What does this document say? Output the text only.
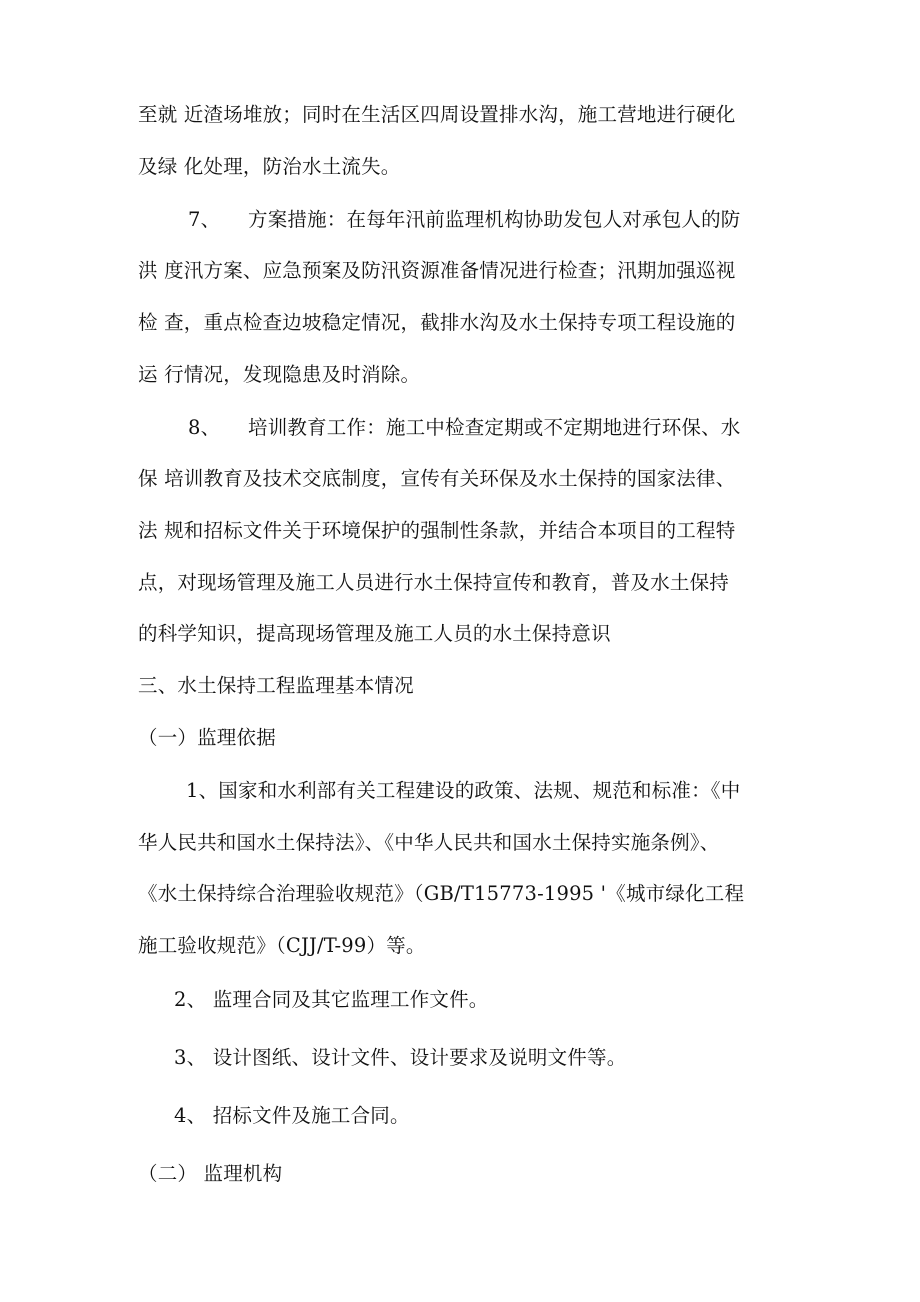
至就 近渣场堆放；同时在生活区四周设置排水沟，施工营地进行硬化
及绿 化处理，防治水土流失。
7、 方案措施：在每年汛前监理机构协助发包人对承包人的防
洪 度汛方案、应急预案及防汛资源准备情况进行检查；汛期加强巡视
检 查，重点检查边坡稳定情况，截排水沟及水土保持专项工程设施的
运 行情况，发现隐患及时消除。
8、 培训教育工作：施工中检查定期或不定期地进行环保、水
保 培训教育及技术交底制度，宣传有关环保及水土保持的国家法律、
法 规和招标文件关于环境保护的强制性条款，并结合本项目的工程特
点，对现场管理及施工人员进行水土保持宣传和教育，普及水土保持
的科学知识，提高现场管理及施工人员的水土保持意识
三、水土保持工程监理基本情况
（一）监理依据
1、国家和水利部有关工程建设的政策、法规、规范和标准：《中
华人民共和国水土保持法》、《中华人民共和国水土保持实施条例》、
《水土保持综合治理验收规范》（GB/T15773-1995 '《城市绿化工程
施工验收规范》（CJJ/T-99）等。
2、 监理合同及其它监理工作文件。
3、 设计图纸、设计文件、设计要求及说明文件等。
4、 招标文件及施工合同。
（二） 监理机构
